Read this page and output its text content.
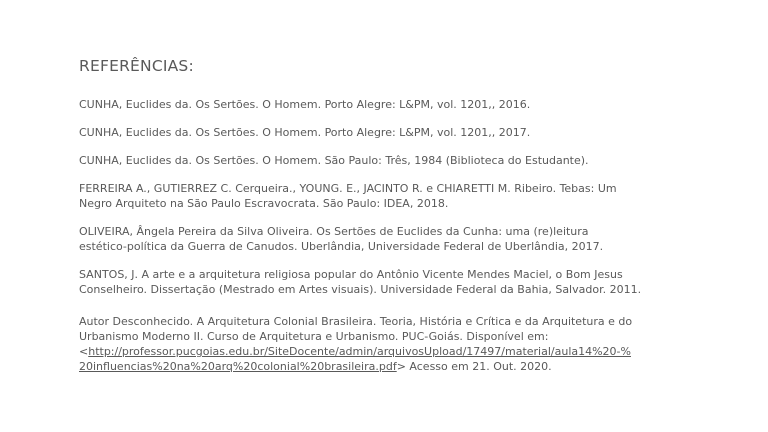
REFERÊNCIAS:
CUNHA, Euclides da. Os Sertões. O Homem. Porto Alegre: L&PM, vol. 1201,, 2016.
CUNHA, Euclides da. Os Sertões. O Homem. Porto Alegre: L&PM, vol. 1201,, 2017.
CUNHA, Euclides da. Os Sertões. O Homem. São Paulo: Três, 1984 (Biblioteca do Estudante).
FERREIRA A., GUTIERREZ C. Cerqueira., YOUNG. E., JACINTO R. e CHIARETTI M. Ribeiro. Tebas: Um
Negro Arquiteto na São Paulo Escravocrata. São Paulo: IDEA, 2018.
OLIVEIRA, Ângela Pereira da Silva Oliveira. Os Sertões de Euclides da Cunha: uma (re)leitura
estético-política da Guerra de Canudos. Uberlândia, Universidade Federal de Uberlândia, 2017.
SANTOS, J. A arte e a arquitetura religiosa popular do Antônio Vicente Mendes Maciel, o Bom Jesus
Conselheiro. Dissertação (Mestrado em Artes visuais). Universidade Federal da Bahia, Salvador. 2011.
Autor Desconhecido. A Arquitetura Colonial Brasileira. Teoria, História e Crítica e da Arquitetura e do
Urbanismo Moderno II. Curso de Arquitetura e Urbanismo. PUC-Goiás. Disponível em:
<http://professor.pucgoias.edu.br/SiteDocente/admin/arquivosUpload/17497/material/aula14%20-%
20influencias%20na%20arq%20colonial%20brasileira.pdf> Acesso em 21. Out. 2020.
